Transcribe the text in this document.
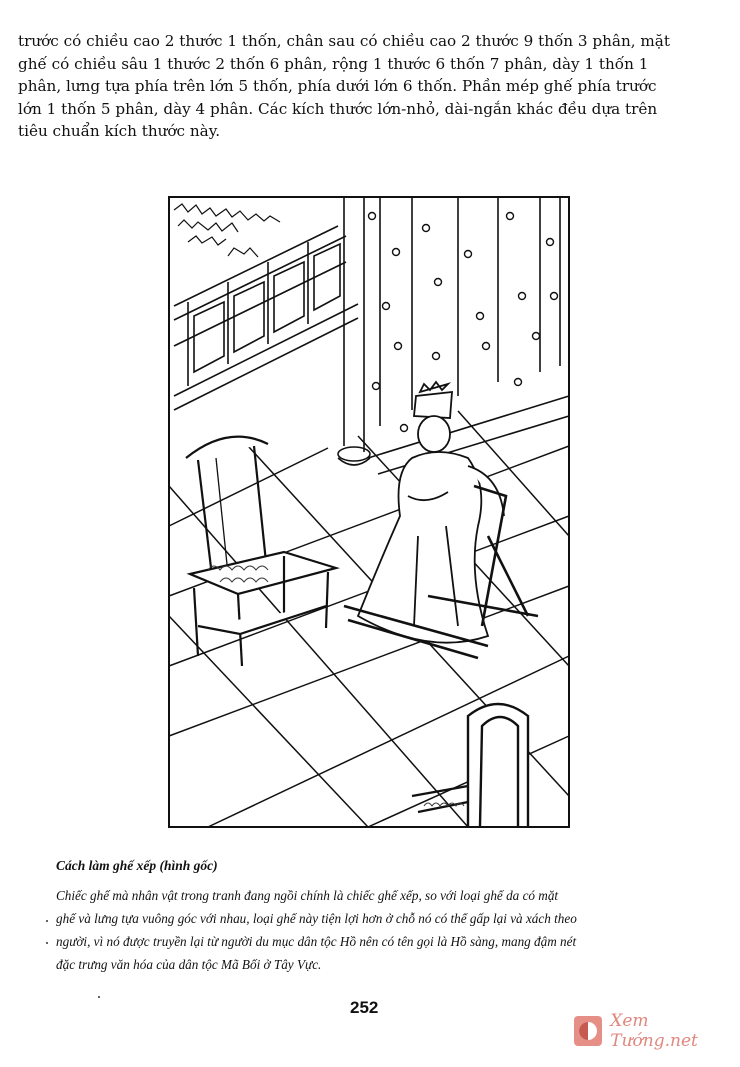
trước có chiều cao 2 thước 1 thốn, chân sau có chiều cao 2 thước 9 thốn 3 phân, mặt
ghế có chiều sâu 1 thước 2 thốn 6 phân, rộng 1 thước 6 thốn 7 phân, dày 1 thốn 1
phân, lưng tựa phía trên lớn 5 thốn, phía dưới lớn 6 thốn. Phần mép ghế phía trước
lớn 1 thốn 5 phân, dày 4 phân. Các kích thước lớn-nhỏ, dài-ngắn khác đều dựa trên
tiêu chuẩn kích thước này.
Cách làm ghế xếp (hình gốc)
Chiếc ghế mà nhân vật trong tranh đang ngồi chính là chiếc ghế xếp, so với loại ghế da có mặt
ghế và lưng tựa vuông góc với nhau, loại ghế này tiện lợi hơn ở chỗ nó có thể gấp lại và xách theo
người, vì nó được truyền lại từ người du mục dân tộc Hồ nên có tên gọi là Hồ sàng, mang đậm nét
đặc trưng văn hóa của dân tộc Mã Bối ở Tây Vực.
252
Xem Tướng.net
